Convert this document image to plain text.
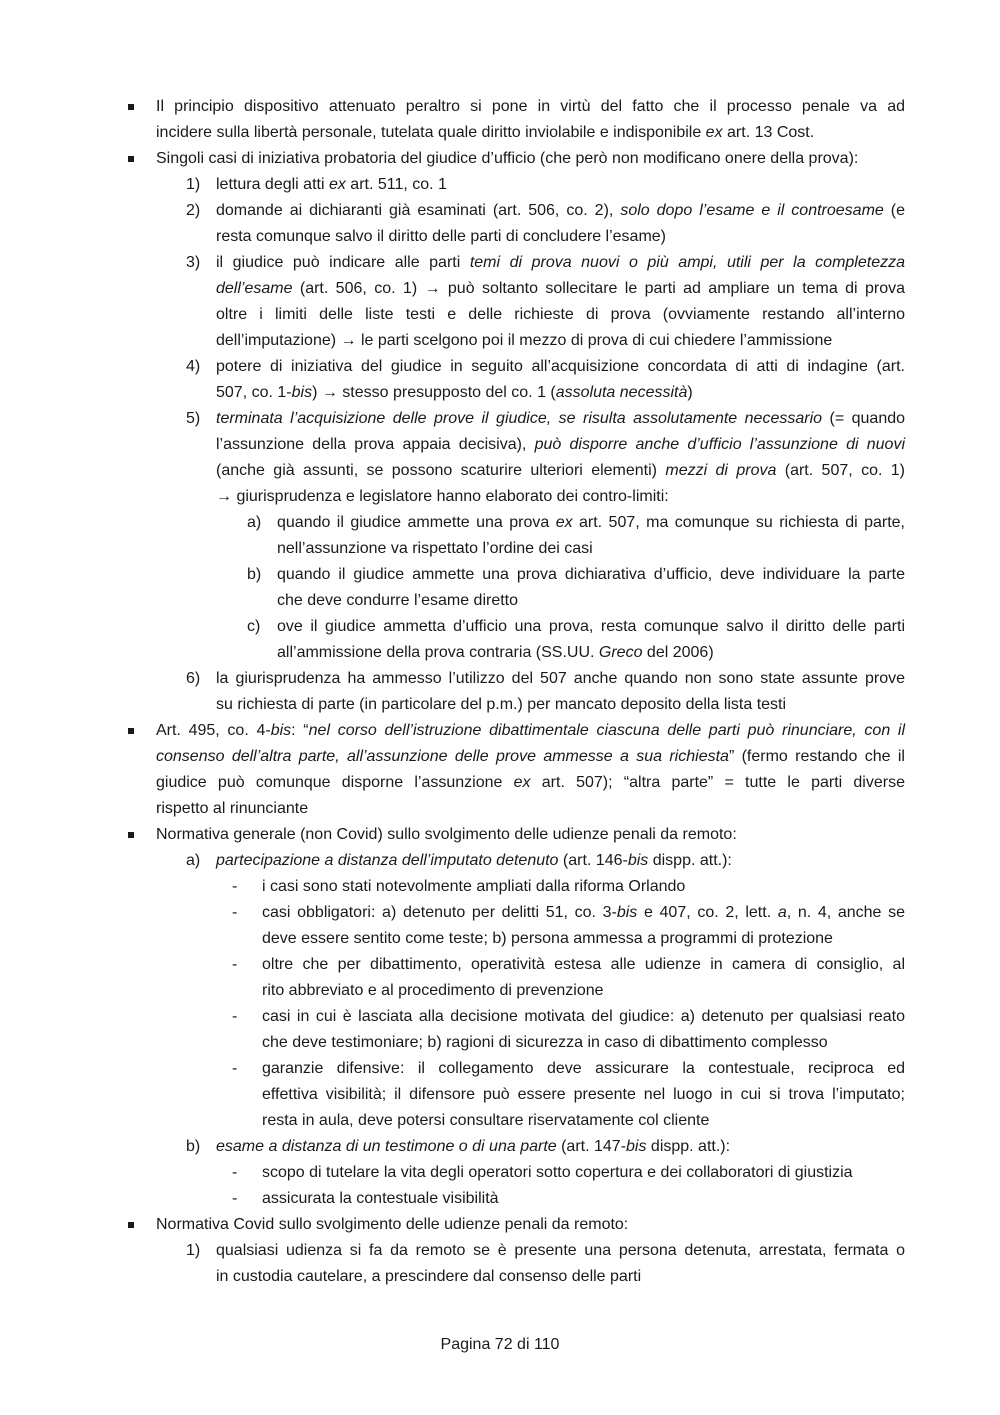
Il principio dispositivo attenuato peraltro si pone in virtù del fatto che il processo penale va ad
incidere sulla libertà personale, tutelata quale diritto inviolabile e indisponibile ex art. 13 Cost.
Singoli casi di iniziativa probatoria del giudice d’ufficio (che però non modificano onere della prova):
1) lettura degli atti ex art. 511, co. 1
2) domande ai dichiaranti già esaminati (art. 506, co. 2), solo dopo l’esame e il controesame (e
resta comunque salvo il diritto delle parti di concludere l’esame)
3) il giudice può indicare alle parti temi di prova nuovi o più ampi, utili per la completezza
dell’esame (art. 506, co. 1) → può soltanto sollecitare le parti ad ampliare un tema di prova
oltre i limiti delle liste testi e delle richieste di prova (ovviamente restando all’interno
dell’imputazione) → le parti scelgono poi il mezzo di prova di cui chiedere l’ammissione
4) potere di iniziativa del giudice in seguito all’acquisizione concordata di atti di indagine (art.
507, co. 1-bis) → stesso presupposto del co. 1 (assoluta necessità)
5) terminata l’acquisizione delle prove il giudice, se risulta assolutamente necessario (= quando
l’assunzione della prova appaia decisiva), può disporre anche d’ufficio l’assunzione di nuovi
(anche già assunti, se possono scaturire ulteriori elementi) mezzi di prova (art. 507, co. 1)
→ giurisprudenza e legislatore hanno elaborato dei contro-limiti:
a) quando il giudice ammette una prova ex art. 507, ma comunque su richiesta di parte,
nell’assunzione va rispettato l’ordine dei casi
b) quando il giudice ammette una prova dichiarativa d’ufficio, deve individuare la parte
che deve condurre l’esame diretto
c) ove il giudice ammetta d’ufficio una prova, resta comunque salvo il diritto delle parti
all’ammissione della prova contraria (SS.UU. Greco del 2006)
6) la giurisprudenza ha ammesso l’utilizzo del 507 anche quando non sono state assunte prove
su richiesta di parte (in particolare del p.m.) per mancato deposito della lista testi
Art. 495, co. 4-bis: “nel corso dell’istruzione dibattimentale ciascuna delle parti può rinunciare, con il
consenso dell’altra parte, all’assunzione delle prove ammesse a sua richiesta” (fermo restando che il
giudice può comunque disporne l’assunzione ex art. 507); “altra parte” = tutte le parti diverse
rispetto al rinunciante
Normativa generale (non Covid) sullo svolgimento delle udienze penali da remoto:
a) partecipazione a distanza dell’imputato detenuto (art. 146-bis dispp. att.):
- i casi sono stati notevolmente ampliati dalla riforma Orlando
- casi obbligatori: a) detenuto per delitti 51, co. 3-bis e 407, co. 2, lett. a, n. 4, anche se
deve essere sentito come teste; b) persona ammessa a programmi di protezione
- oltre che per dibattimento, operatività estesa alle udienze in camera di consiglio, al
rito abbreviato e al procedimento di prevenzione
- casi in cui è lasciata alla decisione motivata del giudice: a) detenuto per qualsiasi reato
che deve testimoniare; b) ragioni di sicurezza in caso di dibattimento complesso
- garanzie difensive: il collegamento deve assicurare la contestuale, reciproca ed
effettiva visibilità; il difensore può essere presente nel luogo in cui si trova l’imputato;
resta in aula, deve potersi consultare riservatamente col cliente
b) esame a distanza di un testimone o di una parte (art. 147-bis dispp. att.):
- scopo di tutelare la vita degli operatori sotto copertura e dei collaboratori di giustizia
- assicurata la contestuale visibilità
Normativa Covid sullo svolgimento delle udienze penali da remoto:
1) qualsiasi udienza si fa da remoto se è presente una persona detenuta, arrestata, fermata o
in custodia cautelare, a prescindere dal consenso delle parti
Pagina 72 di 110
